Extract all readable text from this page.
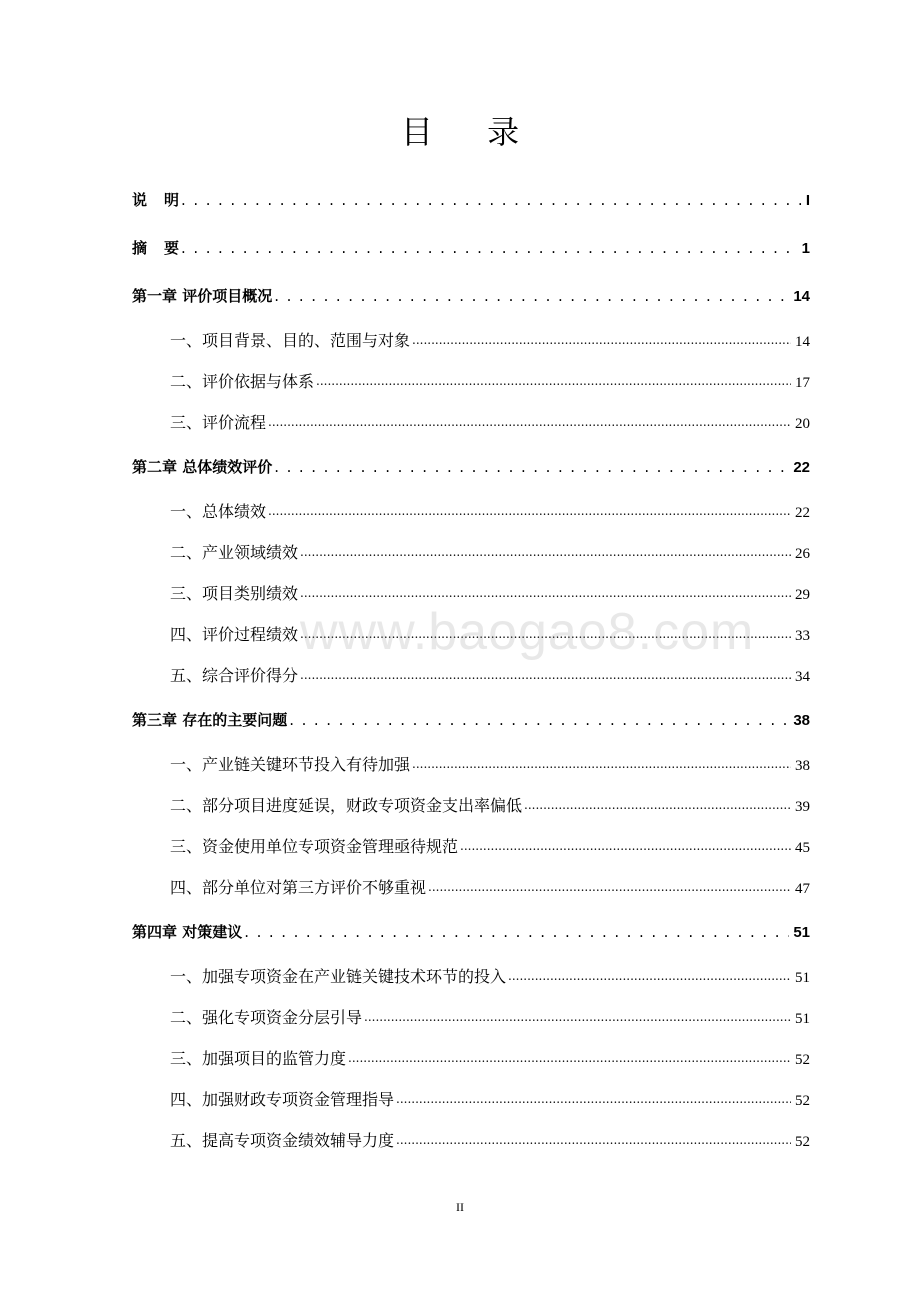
目 录
说明 . . .	I
摘要 . . .	1
第一章 评价项目概况 . . .	14
一、项目背景、目的、范围与对象 .....	14
二、评价依据与体系 .....	17
三、评价流程 .....	20
第二章 总体绩效评价 . . .	22
一、总体绩效 .....	22
二、产业领域绩效 .....	26
三、项目类别绩效 .....	29
四、评价过程绩效 .....	33
五、综合评价得分 .....	34
第三章 存在的主要问题 . . .	38
一、产业链关键环节投入有待加强 .....	38
二、部分项目进度延误，财政专项资金支出率偏低 .....	39
三、资金使用单位专项资金管理亟待规范 .....	45
四、部分单位对第三方评价不够重视 .....	47
第四章 对策建议 . . .	51
一、加强专项资金在产业链关键技术环节的投入 .....	51
二、强化专项资金分层引导 .....	51
三、加强项目的监管力度 .....	52
四、加强财政专项资金管理指导 .....	52
五、提高专项资金绩效辅导力度 .....	52
www.baogao8.com
II
